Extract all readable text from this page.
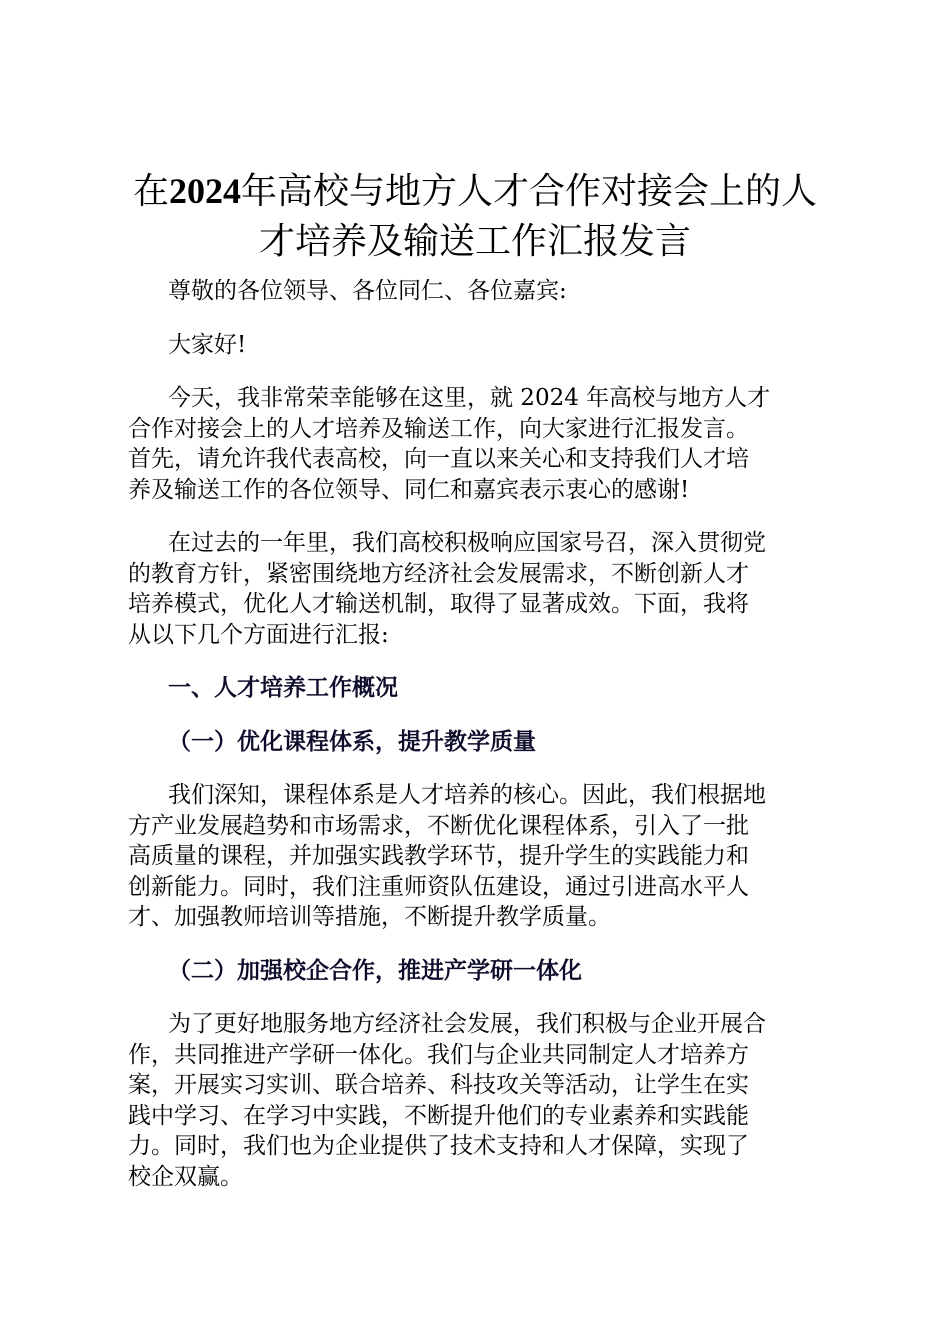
在2024年高校与地方人才合作对接会上的人
才培养及输送工作汇报发言

尊敬的各位领导、各位同仁、各位嘉宾:

大家好!

今天，我非常荣幸能够在这里，就 2024 年高校与地方人才
合作对接会上的人才培养及输送工作，向大家进行汇报发言。
首先，请允许我代表高校，向一直以来关心和支持我们人才培
养及输送工作的各位领导、同仁和嘉宾表示衷心的感谢!

在过去的一年里，我们高校积极响应国家号召，深入贯彻党
的教育方针，紧密围绕地方经济社会发展需求，不断创新人才
培养模式，优化人才输送机制，取得了显著成效。下面，我将
从以下几个方面进行汇报:

一、人才培养工作概况
（一）优化课程体系，提升教学质量

我们深知，课程体系是人才培养的核心。因此，我们根据地
方产业发展趋势和市场需求，不断优化课程体系，引入了一批
高质量的课程，并加强实践教学环节，提升学生的实践能力和
创新能力。同时，我们注重师资队伍建设，通过引进高水平人
才、加强教师培训等措施，不断提升教学质量。

（二）加强校企合作，推进产学研一体化

为了更好地服务地方经济社会发展，我们积极与企业开展合
作，共同推进产学研一体化。我们与企业共同制定人才培养方
案，开展实习实训、联合培养、科技攻关等活动，让学生在实
践中学习、在学习中实践，不断提升他们的专业素养和实践能
力。同时，我们也为企业提供了技术支持和人才保障，实现了
校企双赢。
